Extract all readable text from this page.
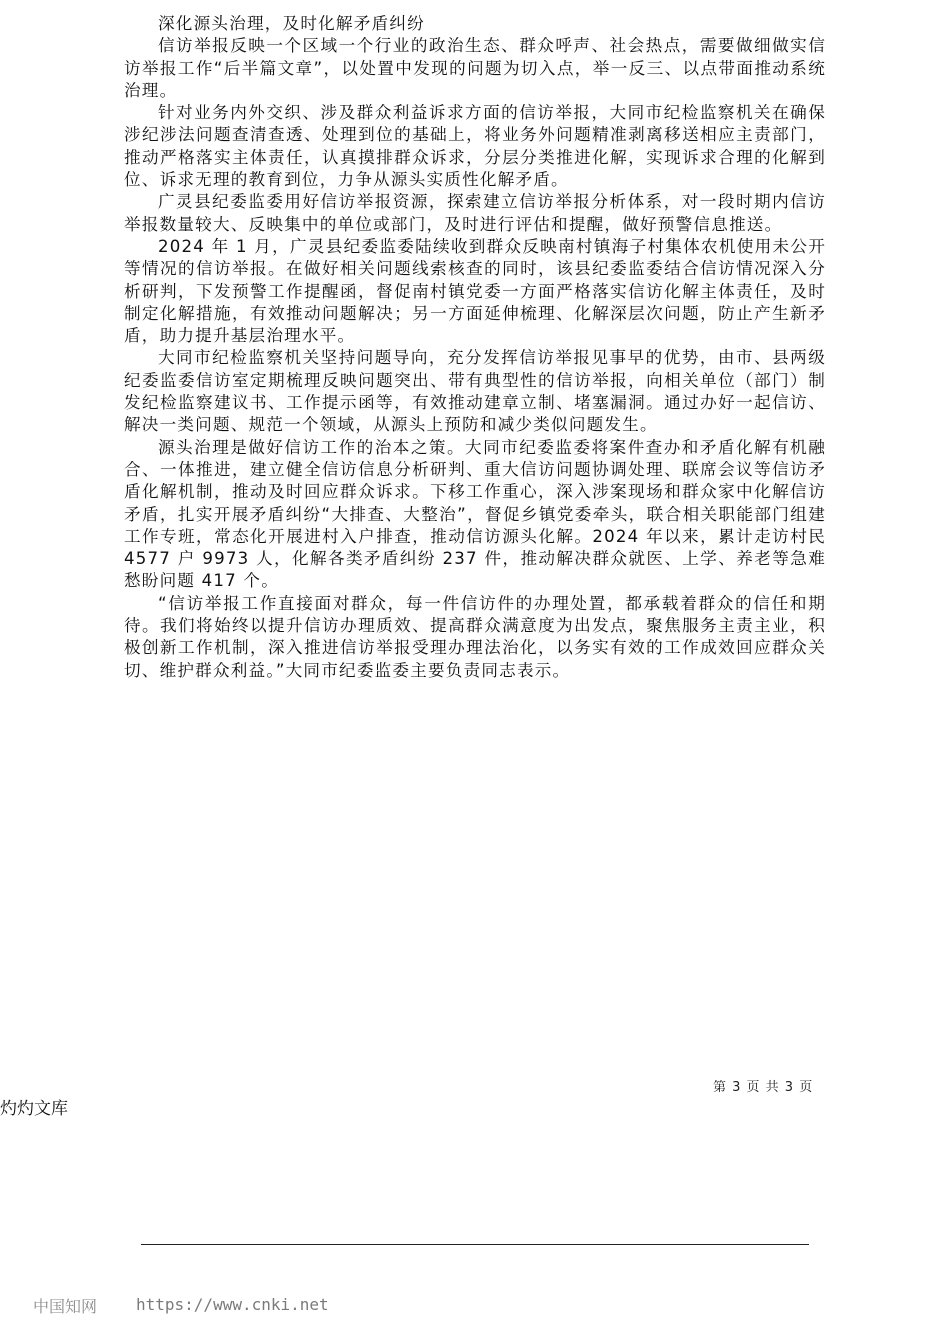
深化源头治理，及时化解矛盾纠纷

信访举报反映一个区域一个行业的政治生态、群众呼声、社会热点，需要做细做实信访举报工作“后半篇文章”，以处置中发现的问题为切入点，举一反三、以点带面推动系统治理。

针对业务内外交织、涉及群众利益诉求方面的信访举报，大同市纪检监察机关在确保涉纪涉法问题查清查透、处理到位的基础上，将业务外问题精准剥离移送相应主责部门，推动严格落实主体责任，认真摸排群众诉求，分层分类推进化解，实现诉求合理的化解到位、诉求无理的教育到位，力争从源头实质性化解矛盾。

广灵县纪委监委用好信访举报资源，探索建立信访举报分析体系，对一段时期内信访举报数量较大、反映集中的单位或部门，及时进行评估和提醒，做好预警信息推送。

2024 年 1 月，广灵县纪委监委陆续收到群众反映南村镇海子村集体农机使用未公开等情况的信访举报。在做好相关问题线索核查的同时，该县纪委监委结合信访情况深入分析研判，下发预警工作提醒函，督促南村镇党委一方面严格落实信访化解主体责任，及时制定化解措施，有效推动问题解决；另一方面延伸梳理、化解深层次问题，防止产生新矛盾，助力提升基层治理水平。

大同市纪检监察机关坚持问题导向，充分发挥信访举报见事早的优势，由市、县两级纪委监委信访室定期梳理反映问题突出、带有典型性的信访举报，向相关单位（部门）制发纪检监察建议书、工作提示函等，有效推动建章立制、堵塞漏洞。通过办好一起信访、解决一类问题、规范一个领域，从源头上预防和减少类似问题发生。

源头治理是做好信访工作的治本之策。大同市纪委监委将案件查办和矛盾化解有机融合、一体推进，建立健全信访信息分析研判、重大信访问题协调处理、联席会议等信访矛盾化解机制，推动及时回应群众诉求。下移工作重心，深入涉案现场和群众家中化解信访矛盾，扎实开展矛盾纠纷“大排查、大整治”，督促乡镇党委牵头，联合相关职能部门组建工作专班，常态化开展进村入户排查，推动信访源头化解。2024 年以来，累计走访村民 4577 户 9973 人，化解各类矛盾纠纷 237 件，推动解决群众就医、上学、养老等急难愁盼问题 417 个。

“信访举报工作直接面对群众，每一件信访件的办理处置，都承载着群众的信任和期待。我们将始终以提升信访办理质效、提高群众满意度为出发点，聚焦服务主责主业，积极创新工作机制，深入推进信访举报受理办理法治化，以务实有效的工作成效回应群众关切、维护群众利益。”大同市纪委监委主要负责同志表示。

第 3 页 共 3 页
灼灼文库
中国知网 https://www.cnki.net
